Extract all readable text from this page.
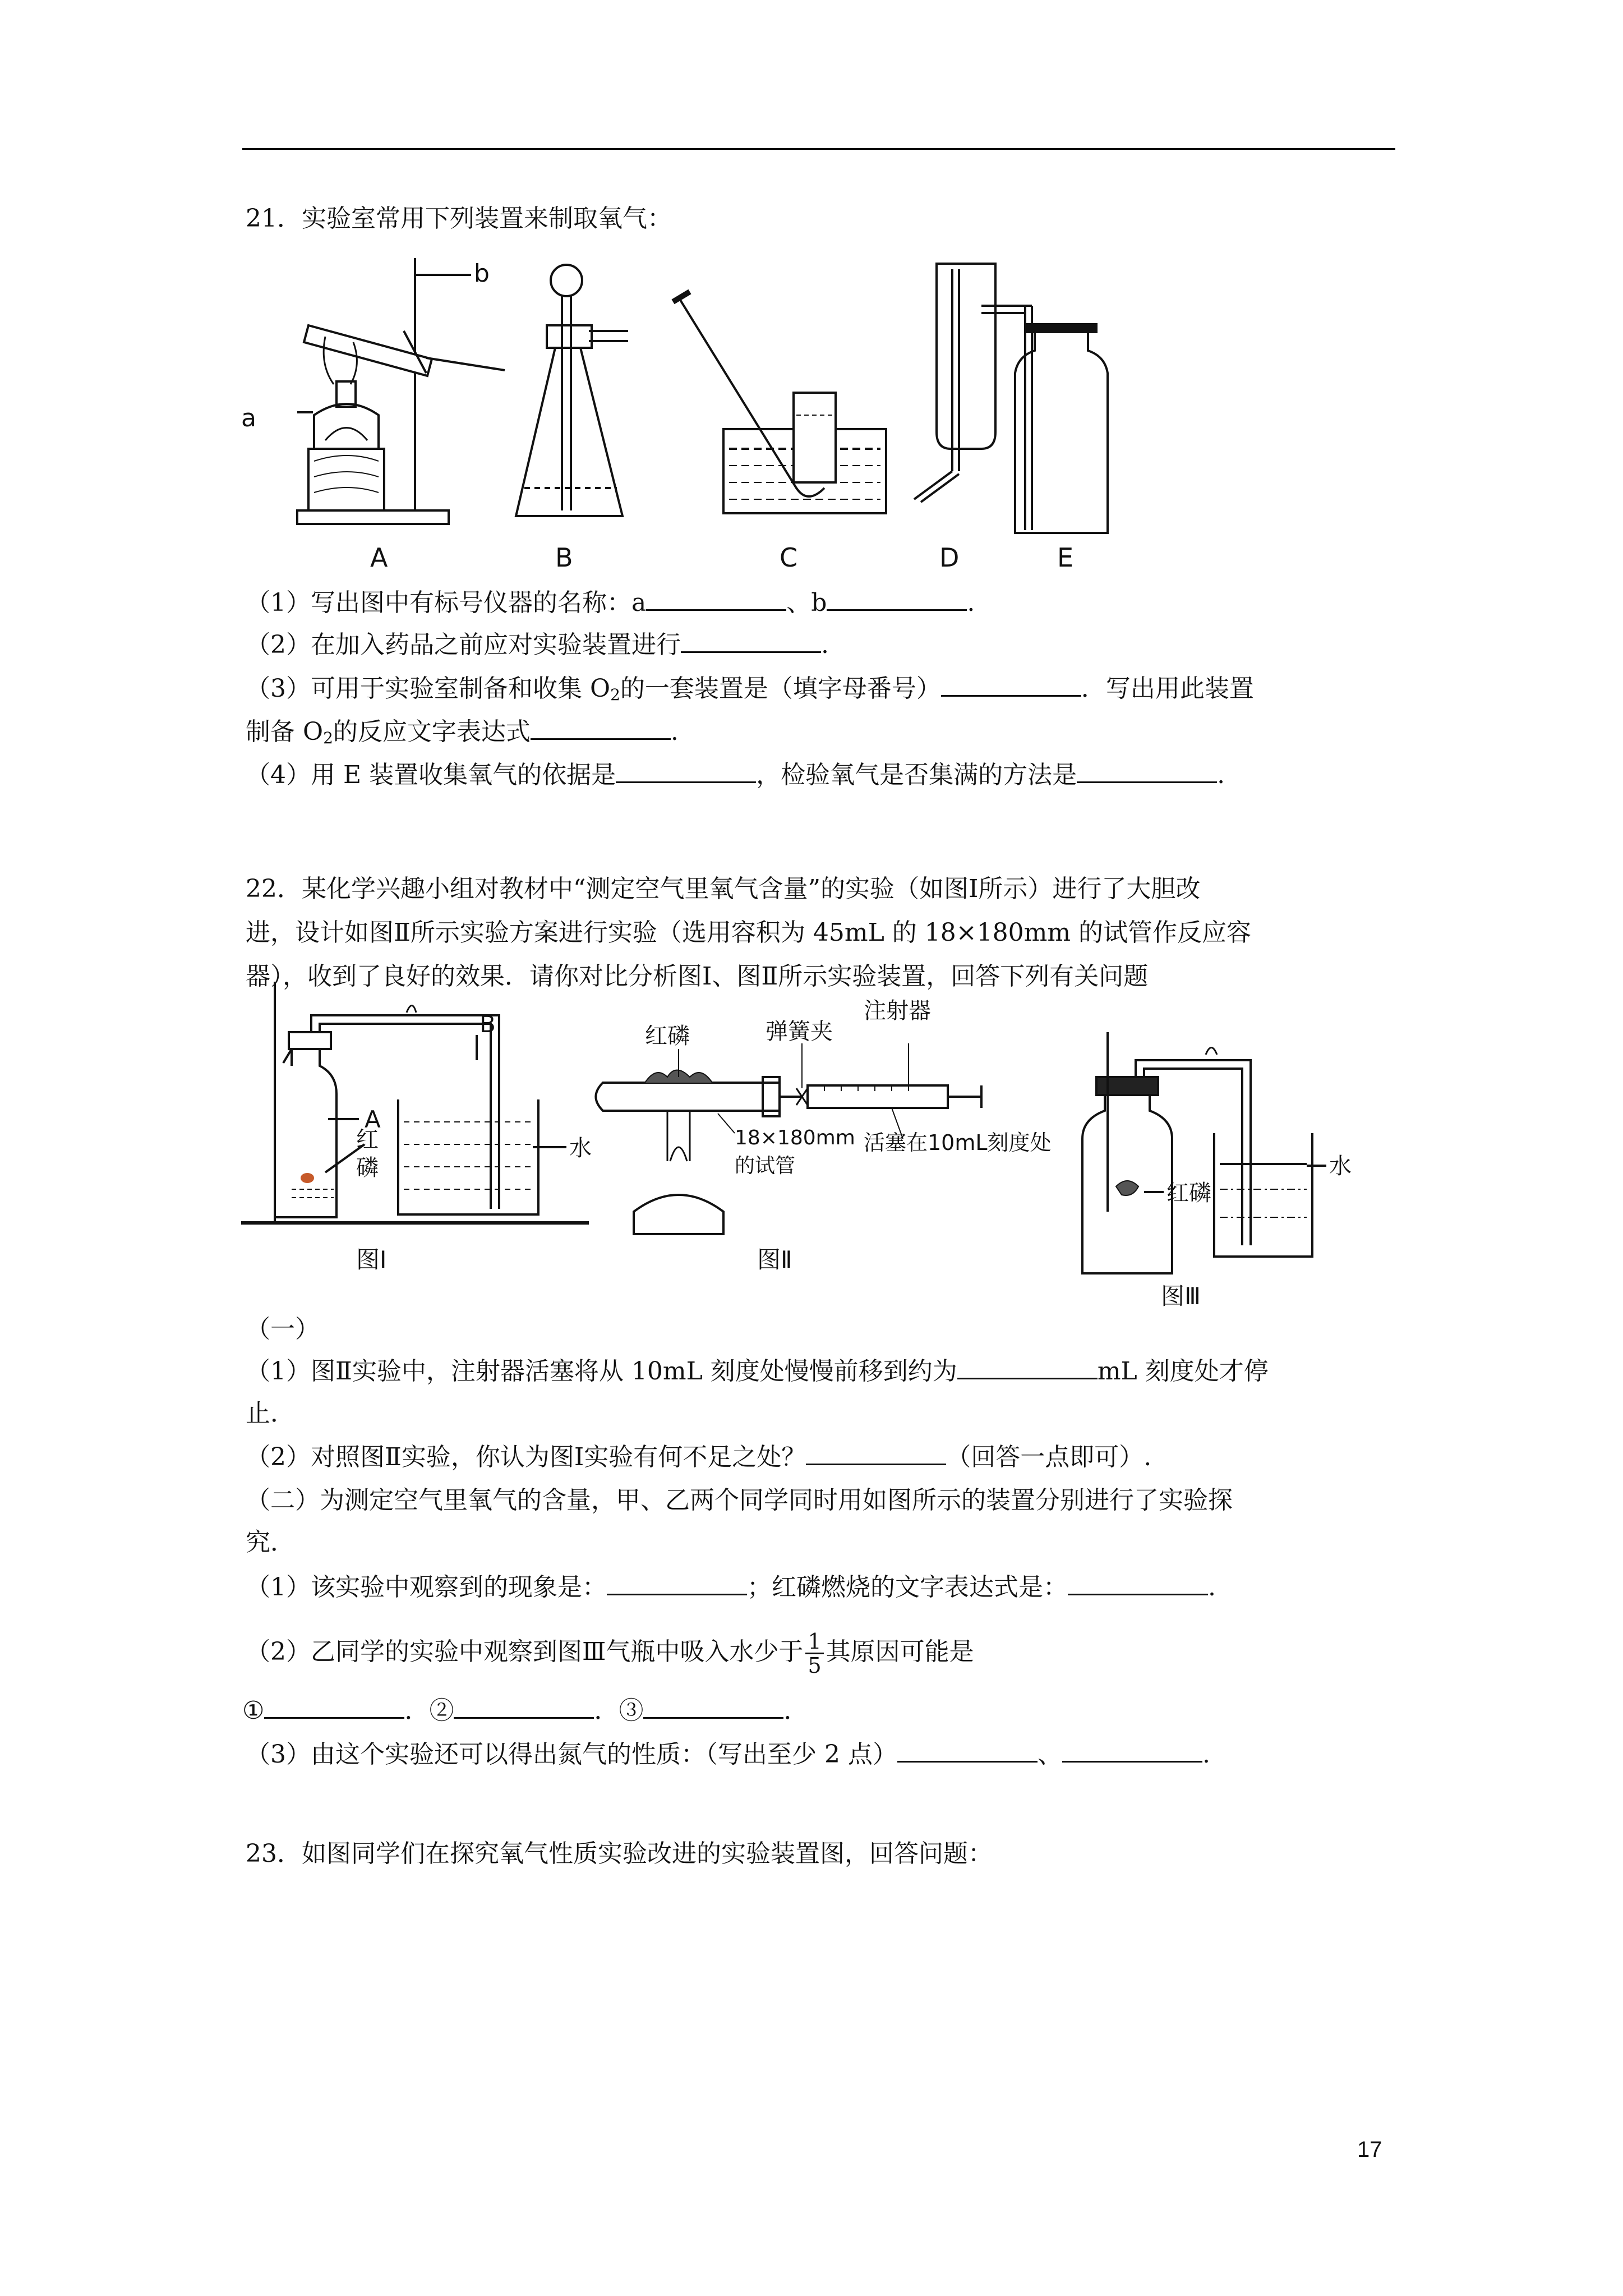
21．实验室常用下列装置来制取氧气：
a
b
A	B	C	D	E
（1）写出图中有标号仪器的名称：a	、b	.
（2）在加入药品之前应对实验装置进行	.
（3）可用于实验室制备和收集 $O_2$的一套装置是（填字母番号）	．写出用此装置
制备 $O_2$的反应文字表达式	.
（4）用 E 装置收集氧气的依据是	，检验氧气是否集满的方法是	.
22．某化学兴趣小组对教材中“测定空气里氧气含量”的实验（如图Ⅰ所示）进行了大胆改
进，设计如图Ⅱ所示实验方案进行实验（选用容积为 45mL 的 18×180mm 的试管作反应容
器），收到了良好的效果．请你对比分析图Ⅰ、图Ⅱ所示实验装置，回答下列有关问题
A
B
红
磷
水
图Ⅰ
红磷	弹簧夹
注射器
18×180mm
的试管
活塞在10mL刻度处
图Ⅱ
红磷
水
图Ⅲ
（一）
（1）图Ⅱ实验中，注射器活塞将从 10mL 刻度处慢慢前移到约为	mL 刻度处才停
止．
（2）对照图Ⅱ实验，你认为图Ⅰ实验有何不足之处？	（回答一点即可）.
（二）为测定空气里氧气的含量，甲、乙两个同学同时用如图所示的装置分别进行了实验探
究．
（1）该实验中观察到的现象是：	；红磷燃烧的文字表达式是：	.
（2）乙同学的实验中观察到图Ⅲ气瓶中吸入水少于 $\frac{1}{5}$ 其原因可能是
①	．②	．③	．
（3）由这个实验还可以得出氮气的性质：（写出至少 2 点）	、	.
23．如图同学们在探究氧气性质实验改进的实验装置图，回答问题：
17
